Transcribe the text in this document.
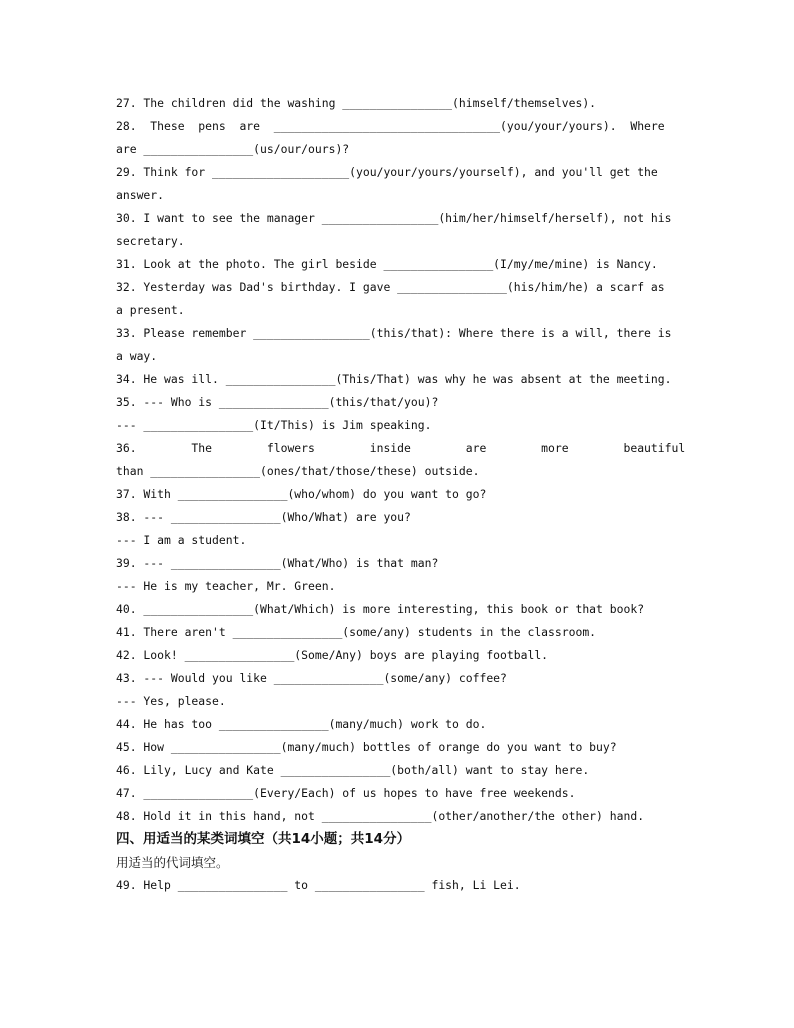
27. The children did the washing ________________(himself/themselves).
28.  These  pens  are  _________________________________(you/your/yours).  Where
are ________________(us/our/ours)?
29. Think for ____________________(you/your/yours/yourself), and you'll get the
answer.
30. I want to see the manager _________________(him/her/himself/herself), not his
secretary.
31. Look at the photo. The girl beside ________________(I/my/me/mine) is Nancy.
32. Yesterday was Dad's birthday. I gave ________________(his/him/he) a scarf as
a present.
33. Please remember _________________(this/that): Where there is a will, there is
a way.
34. He was ill. ________________(This/That) was why he was absent at the meeting.
35. --- Who is ________________(this/that/you)?
--- ________________(It/This) is Jim speaking.
36.        The        flowers        inside        are        more        beautiful
than ________________(ones/that/those/these) outside.
37. With ________________(who/whom) do you want to go?
38. --- ________________(Who/What) are you?
--- I am a student.
39. --- ________________(What/Who) is that man?
--- He is my teacher, Mr. Green.
40. ________________(What/Which) is more interesting, this book or that book?
41. There aren't ________________(some/any) students in the classroom.
42. Look! ________________(Some/Any) boys are playing football.
43. --- Would you like ________________(some/any) coffee?
--- Yes, please.
44. He has too ________________(many/much) work to do.
45. How ________________(many/much) bottles of orange do you want to buy?
46. Lily, Lucy and Kate ________________(both/all) want to stay here.
47. ________________(Every/Each) of us hopes to have free weekends.
48. Hold it in this hand, not ________________(other/another/the other) hand.
四、用适当的某类词填空（共14小题；共14分）
用适当的代词填空。
49. Help ________________ to ________________ fish, Li Lei.
